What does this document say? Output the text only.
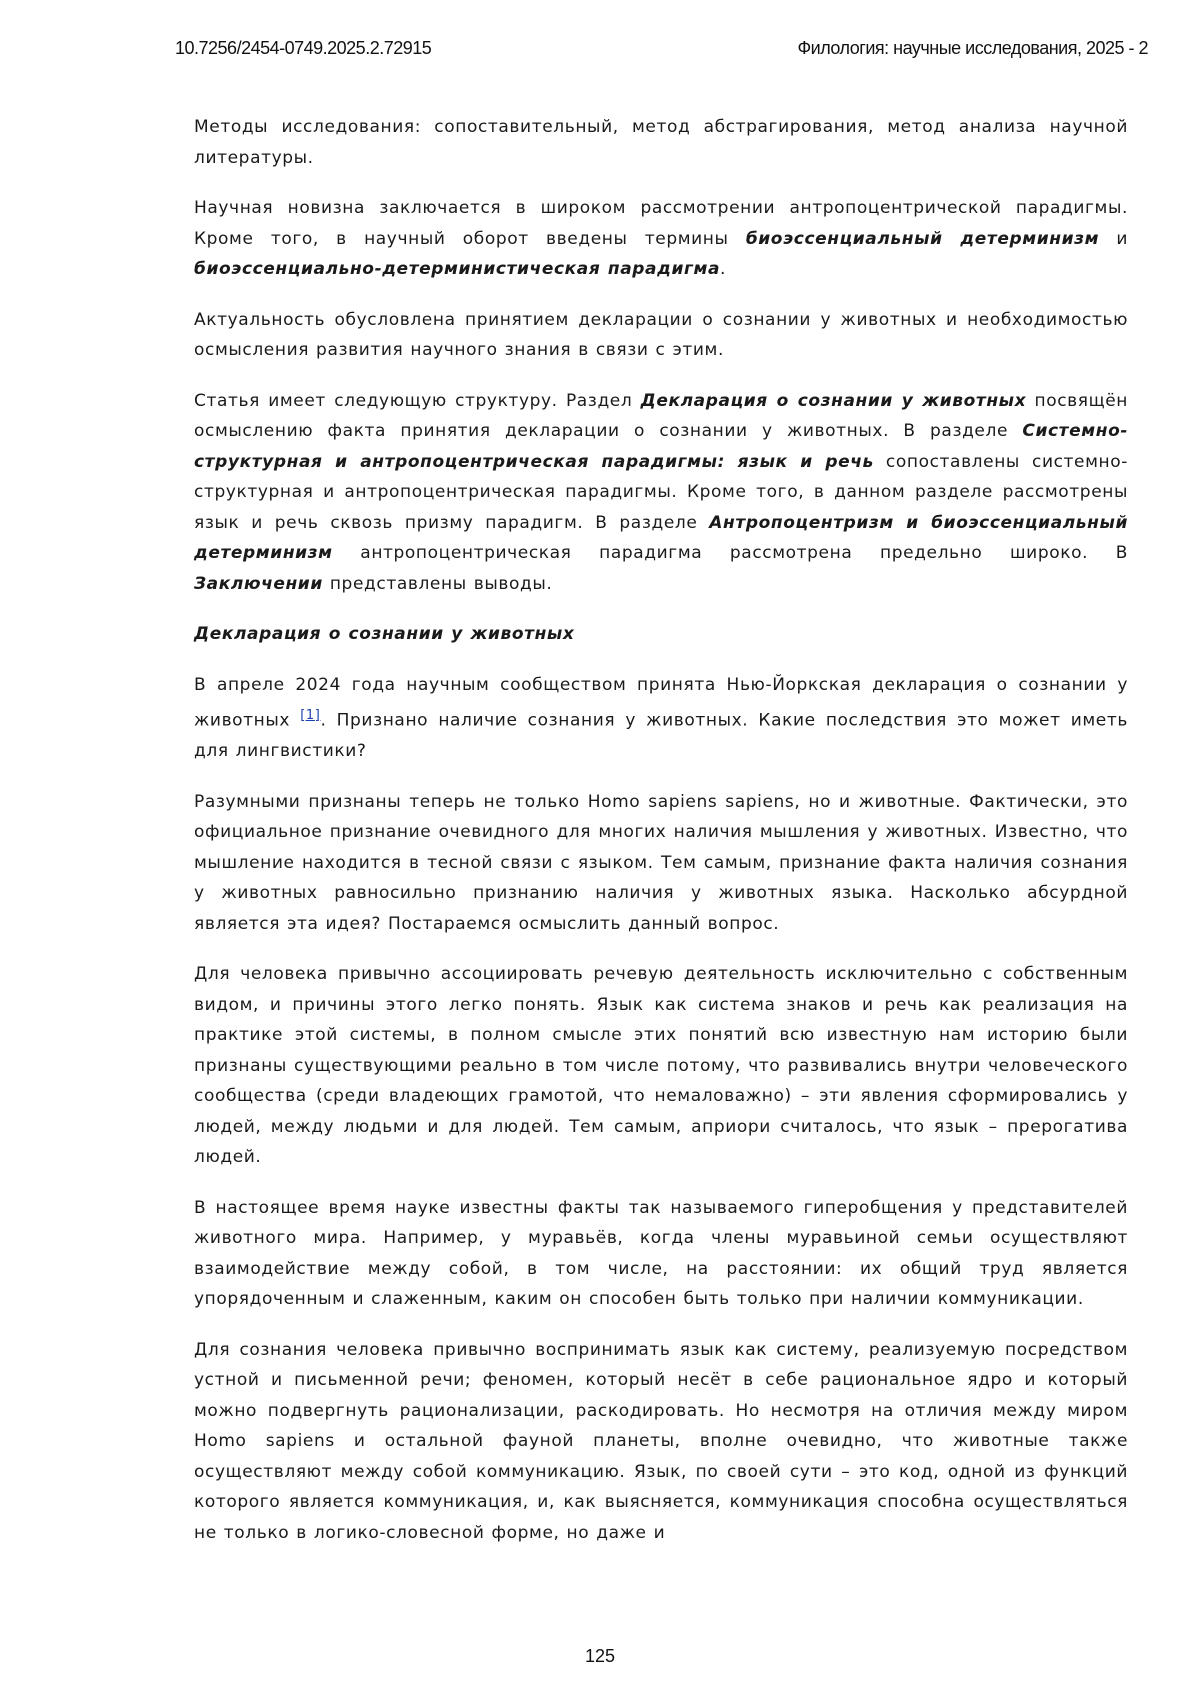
10.7256/2454-0749.2025.2.72915	Филология: научные исследования, 2025 - 2

Методы исследования: сопоставительный, метод абстрагирования, метод анализа научной литературы.

Научная новизна заключается в широком рассмотрении антропоцентрической парадигмы. Кроме того, в научный оборот введены термины биоэссенциальный детерминизм и биоэссенциально-детерминистическая парадигма.

Актуальность обусловлена принятием декларации о сознании у животных и необходимостью осмысления развития научного знания в связи с этим.

Статья имеет следующую структуру. Раздел Декларация о сознании у животных посвящён осмыслению факта принятия декларации о сознании у животных. В разделе Системно-структурная и антропоцентрическая парадигмы: язык и речь сопоставлены системно-структурная и антропоцентрическая парадигмы. Кроме того, в данном разделе рассмотрены язык и речь сквозь призму парадигм. В разделе Антропоцентризм и биоэссенциальный детерминизм антропоцентрическая парадигма рассмотрена предельно широко. В Заключении представлены выводы.

Декларация о сознании у животных

В апреле 2024 года научным сообществом принята Нью-Йоркская декларация о сознании у животных [1]. Признано наличие сознания у животных. Какие последствия это может иметь для лингвистики?

Разумными признаны теперь не только Homo sapiens sapiens, но и животные. Фактически, это официальное признание очевидного для многих наличия мышления у животных. Известно, что мышление находится в тесной связи с языком. Тем самым, признание факта наличия сознания у животных равносильно признанию наличия у животных языка. Насколько абсурдной является эта идея? Постараемся осмыслить данный вопрос.

Для человека привычно ассоциировать речевую деятельность исключительно с собственным видом, и причины этого легко понять. Язык как система знаков и речь как реализация на практике этой системы, в полном смысле этих понятий всю известную нам историю были признаны существующими реально в том числе потому, что развивались внутри человеческого сообщества (среди владеющих грамотой, что немаловажно) – эти явления сформировались у людей, между людьми и для людей. Тем самым, априори считалось, что язык – прерогатива людей.

В настоящее время науке известны факты так называемого гиперобщения у представителей животного мира. Например, у муравьёв, когда члены муравьиной семьи осуществляют взаимодействие между собой, в том числе, на расстоянии: их общий труд является упорядоченным и слаженным, каким он способен быть только при наличии коммуникации.

Для сознания человека привычно воспринимать язык как систему, реализуемую посредством устной и письменной речи; феномен, который несёт в себе рациональное ядро и который можно подвергнуть рационализации, раскодировать. Но несмотря на отличия между миром Homo sapiens и остальной фауной планеты, вполне очевидно, что животные также осуществляют между собой коммуникацию. Язык, по своей сути – это код, одной из функций которого является коммуникация, и, как выясняется, коммуникация способна осуществляться не только в логико-словесной форме, но даже и

125
